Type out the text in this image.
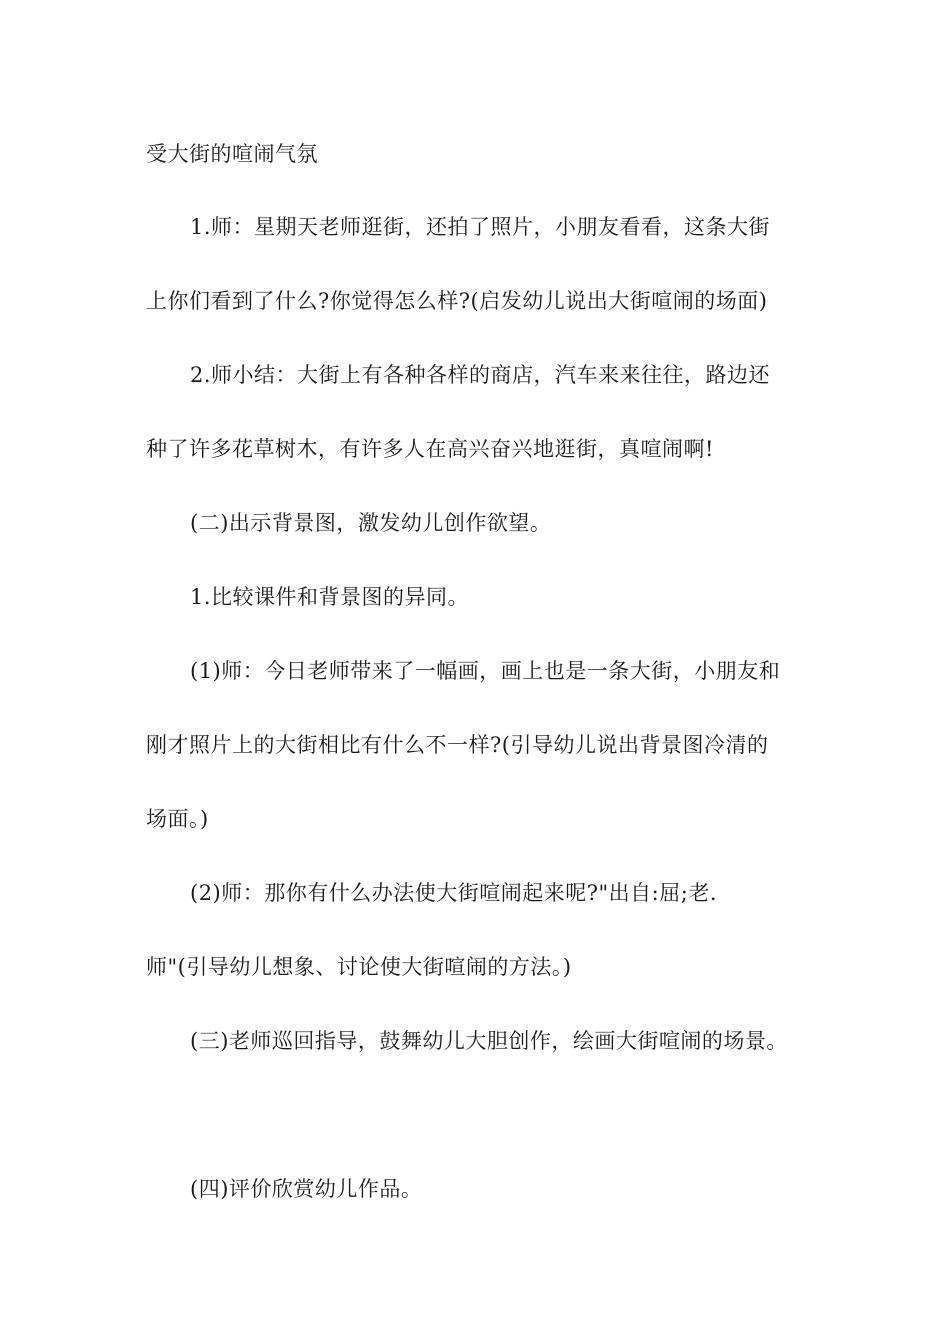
受大街的喧闹气氛
1.师：星期天老师逛街，还拍了照片，小朋友看看，这条大街
上你们看到了什么?你觉得怎么样?(启发幼儿说出大街喧闹的场面)
2.师小结：大街上有各种各样的商店，汽车来来往往，路边还
种了许多花草树木，有许多人在高兴奋兴地逛街，真喧闹啊!
(二)出示背景图，激发幼儿创作欲望。
1.比较课件和背景图的异同。
(1)师：今日老师带来了一幅画，画上也是一条大街，小朋友和
刚才照片上的大街相比有什么不一样?(引导幼儿说出背景图冷清的
场面。)
(2)师：那你有什么办法使大街喧闹起来呢?"出自:屈;老.
师"(引导幼儿想象、讨论使大街喧闹的方法。)
(三)老师巡回指导，鼓舞幼儿大胆创作，绘画大街喧闹的场景。
(四)评价欣赏幼儿作品。
